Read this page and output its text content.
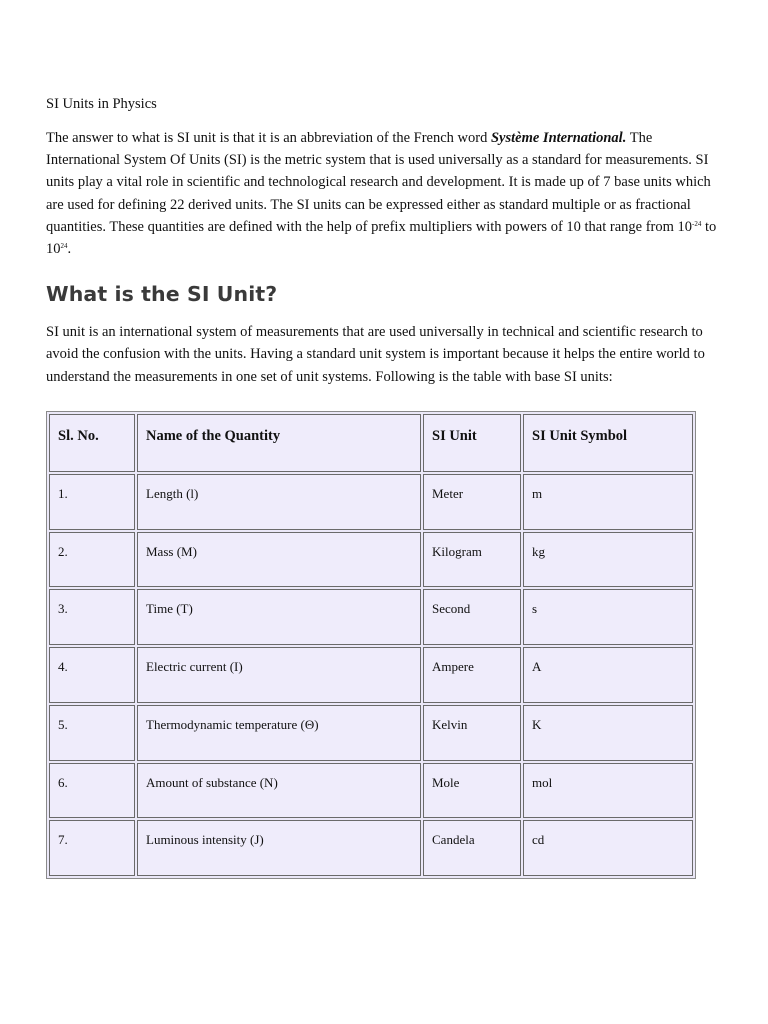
SI Units in Physics

The answer to what is SI unit is that it is an abbreviation of the French word Système International. The International System Of Units (SI) is the metric system that is used universally as a standard for measurements. SI units play a vital role in scientific and technological research and development. It is made up of 7 base units which are used for defining 22 derived units. The SI units can be expressed either as standard multiple or as fractional quantities. These quantities are defined with the help of prefix multipliers with powers of 10 that range from $10^{-24}$ to $10^{24}$.

What is the SI Unit?

SI unit is an international system of measurements that are used universally in technical and scientific research to avoid the confusion with the units. Having a standard unit system is important because it helps the entire world to understand the measurements in one set of unit systems. Following is the table with base SI units:

Sl. No.	Name of the Quantity	SI Unit	SI Unit Symbol
1.	Length (l)	Meter	m
2.	Mass (M)	Kilogram	kg
3.	Time (T)	Second	s
4.	Electric current (I)	Ampere	A
5.	Thermodynamic temperature (Θ)	Kelvin	K
6.	Amount of substance (N)	Mole	mol
7.	Luminous intensity (J)	Candela	cd
